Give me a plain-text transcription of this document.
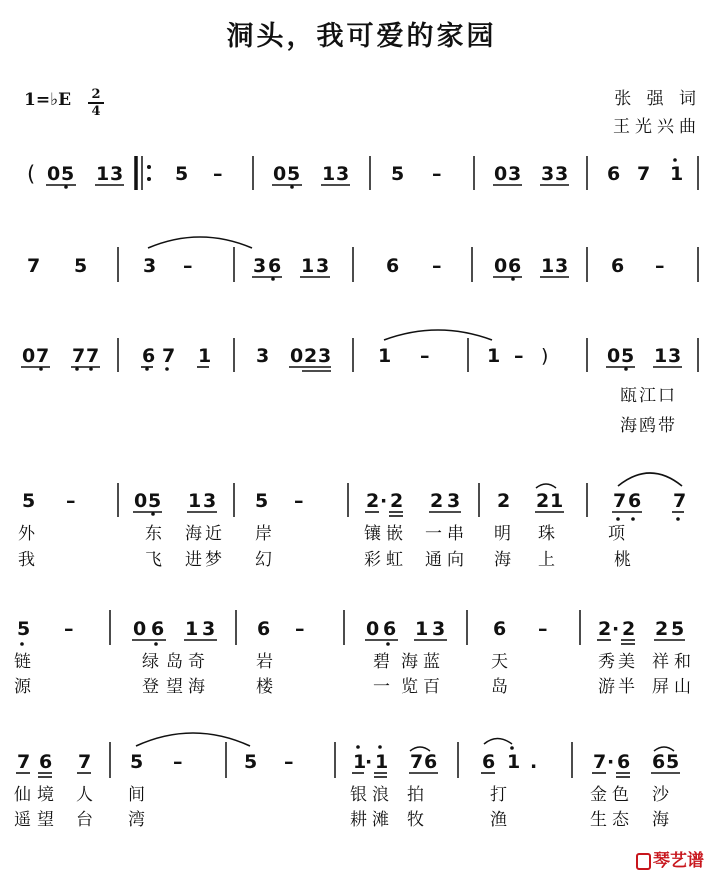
洞头，我可爱的家园
1=♭E 2
4
张 强 词
王光兴曲
( 0 5 1 3	5 –	0 5 1 3 5 –	0 3 3 3 6 7 1
7 5	3 –	3 6 1 3	6 –	0 6 1 3 6 –
0 7 7 7 6 7 1 3 0 2 3 1 –	1 – )	0 5 1 3
5 –	0 5 1 3 5 –	2 · 2 2 3 2 2 1	7 6 7
5 –	0 6 1 3 6 –	0 6 1 3	6 –	2 · 2 2 5
7 6 7 5 –	5 –	1
· 1 7 6 6 1 .	7 · 6 6 5
瓯江口
海鸥带
外	东 海 近 岸	镶 嵌 一 串 明 珠	项
我	飞 进 梦 幻	彩 虹 通 向 海 上	桃
链	绿 岛 奇	岩	碧 海 蓝	天	秀 美 祥 和
源	登 望 海	楼	一 览 百	岛	游 半 屏 山
仙 境 人 间	银 浪 拍	打	金 色 沙
遥 望 台 湾	耕 滩 牧	渔	生 态 海
琴艺谱
